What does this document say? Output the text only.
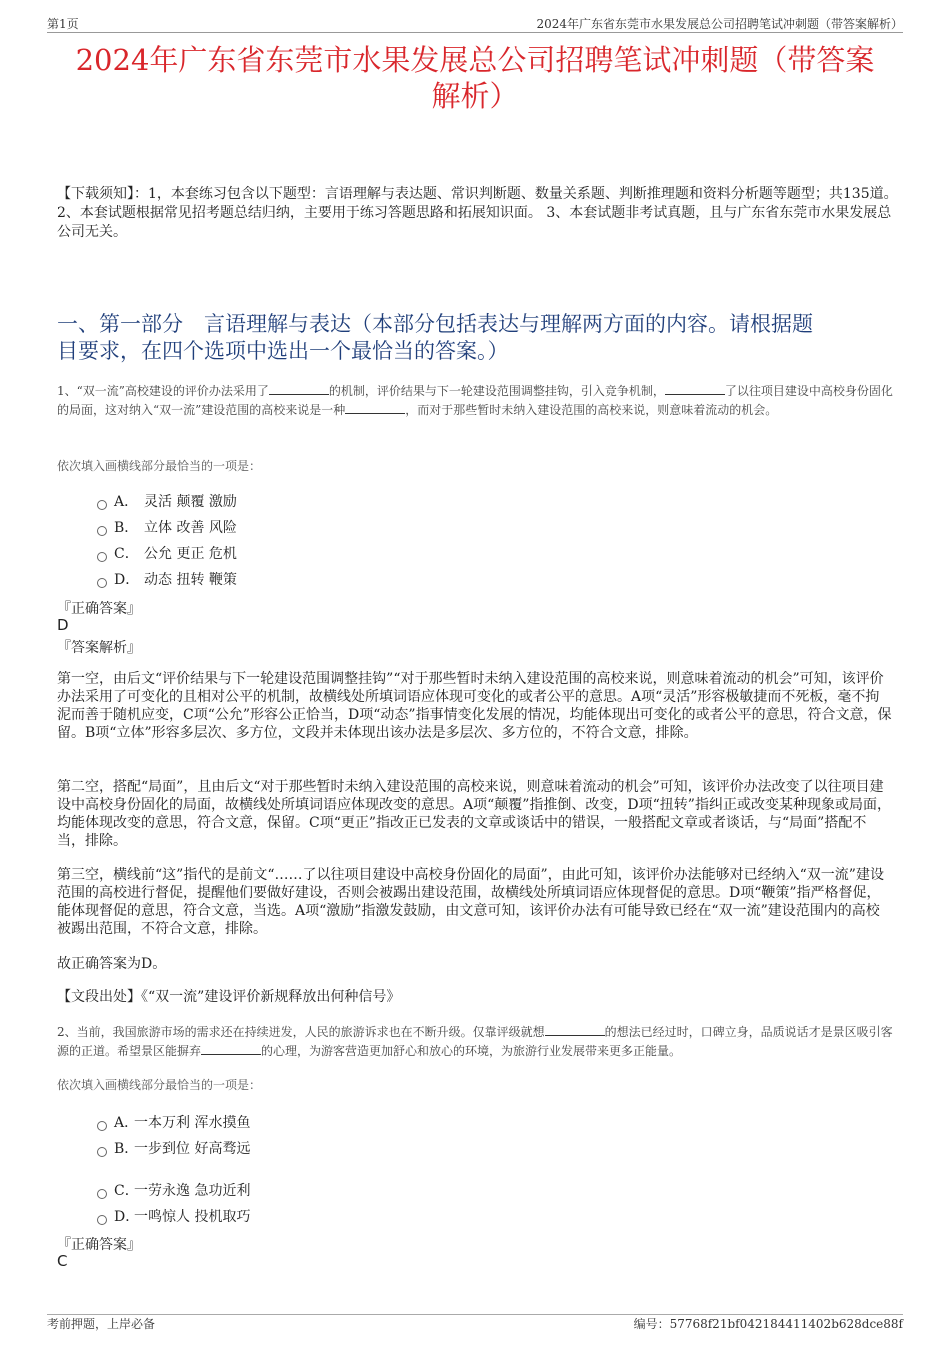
第1页	2024年广东省东莞市水果发展总公司招聘笔试冲刺题（带答案解析）
2024年广东省东莞市水果发展总公司招聘笔试冲刺题（带答案
解析）
【下载须知】：1，本套练习包含以下题型：言语理解与表达题、常识判断题、数量关系题、判断推理题和资料分析题等题型；共135道。 2、本套试题根据常见招考题总结归纳，主要用于练习答题思路和拓展知识面。 3、本套试题非考试真题，且与广东省东莞市水果发展总公司无关。
一、第一部分　言语理解与表达（本部分包括表达与理解两方面的内容。请根据题
目要求，在四个选项中选出一个最恰当的答案。）
1、“双一流”高校建设的评价办法采用了	的机制，评价结果与下一轮建设范围调整挂钩，引入竞争机制，	了以往项目建设中高校身份固化的局面，这对纳入“双一流”建设范围的高校来说是一种	，而对于那些暂时未纳入建设范围的高校来说，则意味着流动的机会。
依次填入画横线部分最恰当的一项是：
A． 灵活 颠覆 激励
B． 立体 改善 风险
C． 公允 更正 危机
D． 动态 扭转 鞭策
『正确答案』
D
『答案解析』
第一空，由后文“评价结果与下一轮建设范围调整挂钩”“对于那些暂时未纳入建设范围的高校来说，则意味着流动的机会”可知，该评价办法采用了可变化的且相对公平的机制，故横线处所填词语应体现可变化的或者公平的意思。A项“灵活”形容极敏捷而不死板，毫不拘泥而善于随机应变，C项“公允”形容公正恰当，D项“动态”指事情变化发展的情况，均能体现出可变化的或者公平的意思，符合文意，保留。B项“立体”形容多层次、多方位，文段并未体现出该办法是多层次、多方位的，不符合文意，排除。
第二空，搭配“局面”，且由后文“对于那些暂时未纳入建设范围的高校来说，则意味着流动的机会”可知，该评价办法改变了以往项目建设中高校身份固化的局面，故横线处所填词语应体现改变的意思。A项“颠覆”指推倒、改变，D项“扭转”指纠正或改变某种现象或局面，均能体现改变的意思，符合文意，保留。C项“更正”指改正已发表的文章或谈话中的错误，一般搭配文章或者谈话，与“局面”搭配不当，排除。
第三空，横线前“这”指代的是前文“……了以往项目建设中高校身份固化的局面”，由此可知，该评价办法能够对已经纳入“双一流”建设范围的高校进行督促，提醒他们要做好建设，否则会被踢出建设范围，故横线处所填词语应体现督促的意思。D项“鞭策”指严格督促，能体现督促的意思，符合文意，当选。A项“激励”指激发鼓励，由文意可知，该评价办法有可能导致已经在“双一流”建设范围内的高校被踢出范围，不符合文意，排除。
故正确答案为D。
【文段出处】《“双一流”建设评价新规释放出何种信号》
2、当前，我国旅游市场的需求还在持续迸发，人民的旅游诉求也在不断升级。仅靠评级就想	的想法已经过时，口碑立身，品质说话才是景区吸引客源的正道。希望景区能摒弃	的心理，为游客营造更加舒心和放心的环境，为旅游行业发展带来更多正能量。
依次填入画横线部分最恰当的一项是：
A．一本万利 浑水摸鱼
B．一步到位 好高骛远
C．一劳永逸 急功近利
D．一鸣惊人 投机取巧
『正确答案』
C
考前押题，上岸必备	编号：57768f21bf042184411402b628dce88f
